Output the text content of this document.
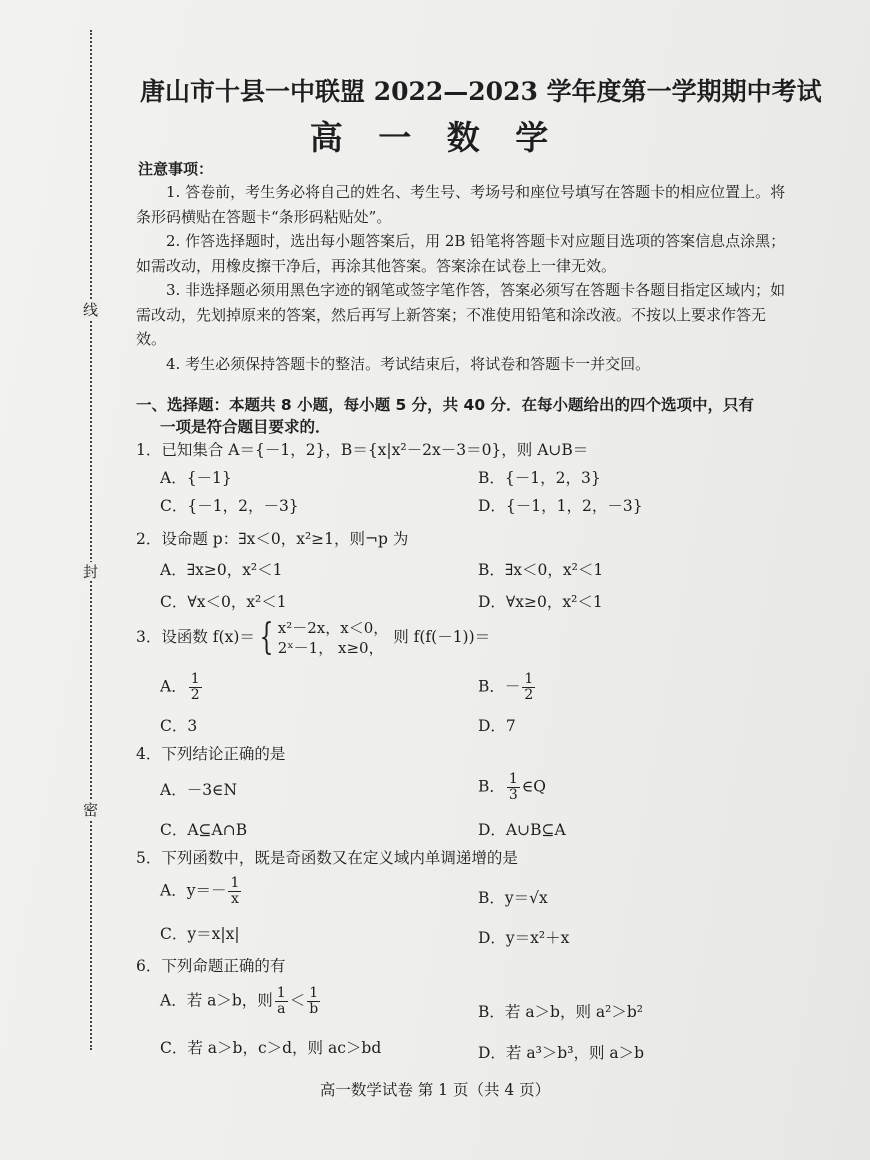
线
封
密
唐山市十县一中联盟 2022—2023 学年度第一学期期中考试
高 一 数 学
注意事项：

1. 答卷前，考生务必将自己的姓名、考生号、考场号和座位号填写在答题卡的相应位置上。将条形码横贴在答题卡“条形码粘贴处”。

2. 作答选择题时，选出每小题答案后，用 2B 铅笔将答题卡对应题目选项的答案信息点涂黑；如需改动，用橡皮擦干净后，再涂其他答案。答案涂在试卷上一律无效。

3. 非选择题必须用黑色字迹的钢笔或签字笔作答，答案必须写在答题卡各题目指定区域内；如需改动，先划掉原来的答案，然后再写上新答案；不准使用铅笔和涂改液。不按以上要求作答无效。

4. 考生必须保持答题卡的整洁。考试结束后，将试卷和答题卡一并交回。

一、选择题：本题共 8 小题，每小题 5 分，共 40 分．在每小题给出的四个选项中，只有
一项是符合题目要求的．
1．已知集合 A＝{－1，2}，B＝{x|x²－2x－3＝0}，则 A∪B＝
A．{－1}	B．{－1，2，3}
C．{－1，2，－3}	D．{－1，1，2，－3}
2．设命题 p：∃x＜0，x²≥1，则¬p 为
A．∃x≥0，x²＜1	B．∃x＜0，x²＜1
C．∀x＜0，x²＜1	D．∀x≥0，x²＜1
3．设函数 f(x)＝ { x²－2x，x＜0，
2ˣ－1， x≥0，
则 f(f(－1))＝
A． $\frac{1}{2}$	B．－ $\frac{1}{2}$
C．3	D．7
4．下列结论正确的是
A．－3∈N	B． $\frac{1}{3}$ ∈Q
C．A⊆A∩B	D．A∪B⊆A
5．下列函数中，既是奇函数又在定义域内单调递增的是
A．$y=- \frac{1}{x}$	B．y＝√x
C．y＝x|x|	D．y＝x²＋x
6．下列命题正确的有
A．若 a＞b，则 $\frac{1}{a} < \frac{1}{b}$	B．若 a＞b，则 a²＞b²
C．若 a＞b，c＞d，则 ac＞bd	D．若 a³＞b³，则 a＞b
高一数学试卷 第 1 页（共 4 页）
